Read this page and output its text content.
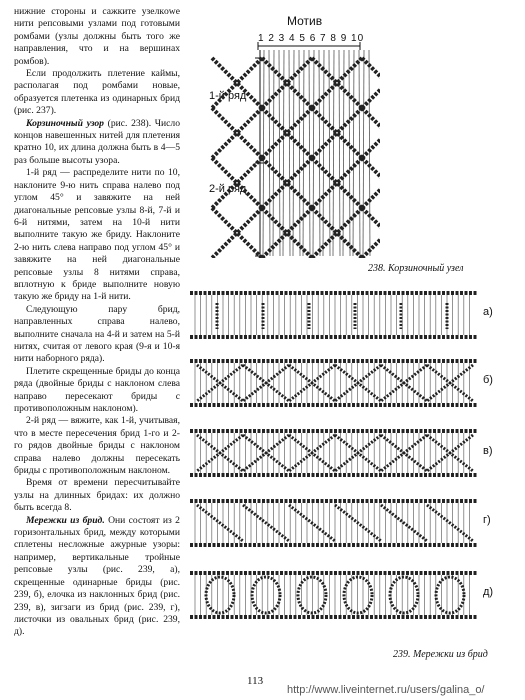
нижние стороны и сажките узелкowe нити репсовыми узлами под готовыми ромбами (узлы должны быть того же направления, что и на вершинах ромбов).

Если продолжить плетение каймы, располагая под ромбами новые, образуется плетенка из одинарных брид (рис. 237).

Корзиночный узор (рис. 238). Число концов навешенных нитей для плетения кратно 10, их длина должна быть в 4—5 раз больше высоты узора.

1-й ряд — распределите нити по 10, наклоните 9-ю нить справа налево под углом 45° и завяжите на ней диагональные репсовые узлы 8-й, 7-й и 6-й нитями, затем на 10-й нити выполните такую же бриду. Наклоните 2-ю нить слева направо под углом 45° и завяжите на ней диагональные репсовые узлы 8 нитями справа, вплотную к бриде выполните новую такую же бриду на 1-й нити.

Следующую пару брид, направленных справа налево, выполните сначала на 4-й и затем на 5-й нитях, считая от левого края (9-я и 10-я нити наборного ряда).

Плетите скрещенные бриды до конца ряда (двойные бриды с наклоном слева направо пересекают бриды с противоположным наклоном).

2-й ряд — вяжите, как 1-й, учитывая, что в месте пересечения брид 1-го и 2-го рядов двойные бриды с наклоном справа налево должны пересекать бриды с противоположным наклоном.

Время от времени пересчитывайте узлы на длинных бридах: их должно быть всегда 8.

Мережки из брид. Они состоят из 2 горизонтальных брид, между которыми сплетены несложные ажурные узоры: например, вертикальные тройные репсовые узлы (рис. 239, а), скрещенные одинарные бриды (рис. 239, б), елочка из наклонных брид (рис. 239, в), зигзаги из брид (рис. 239, г), листочки из овальных брид (рис. 239, д).

Мотив
1 2 3 4 5 6 7 8 9 10
1-й ряд
2-й ряд
238. Корзиночный узел
а)
б)
в)
г)
д)
239. Мережки из брид
113
http://www.liveinternet.ru/users/galina_o/
